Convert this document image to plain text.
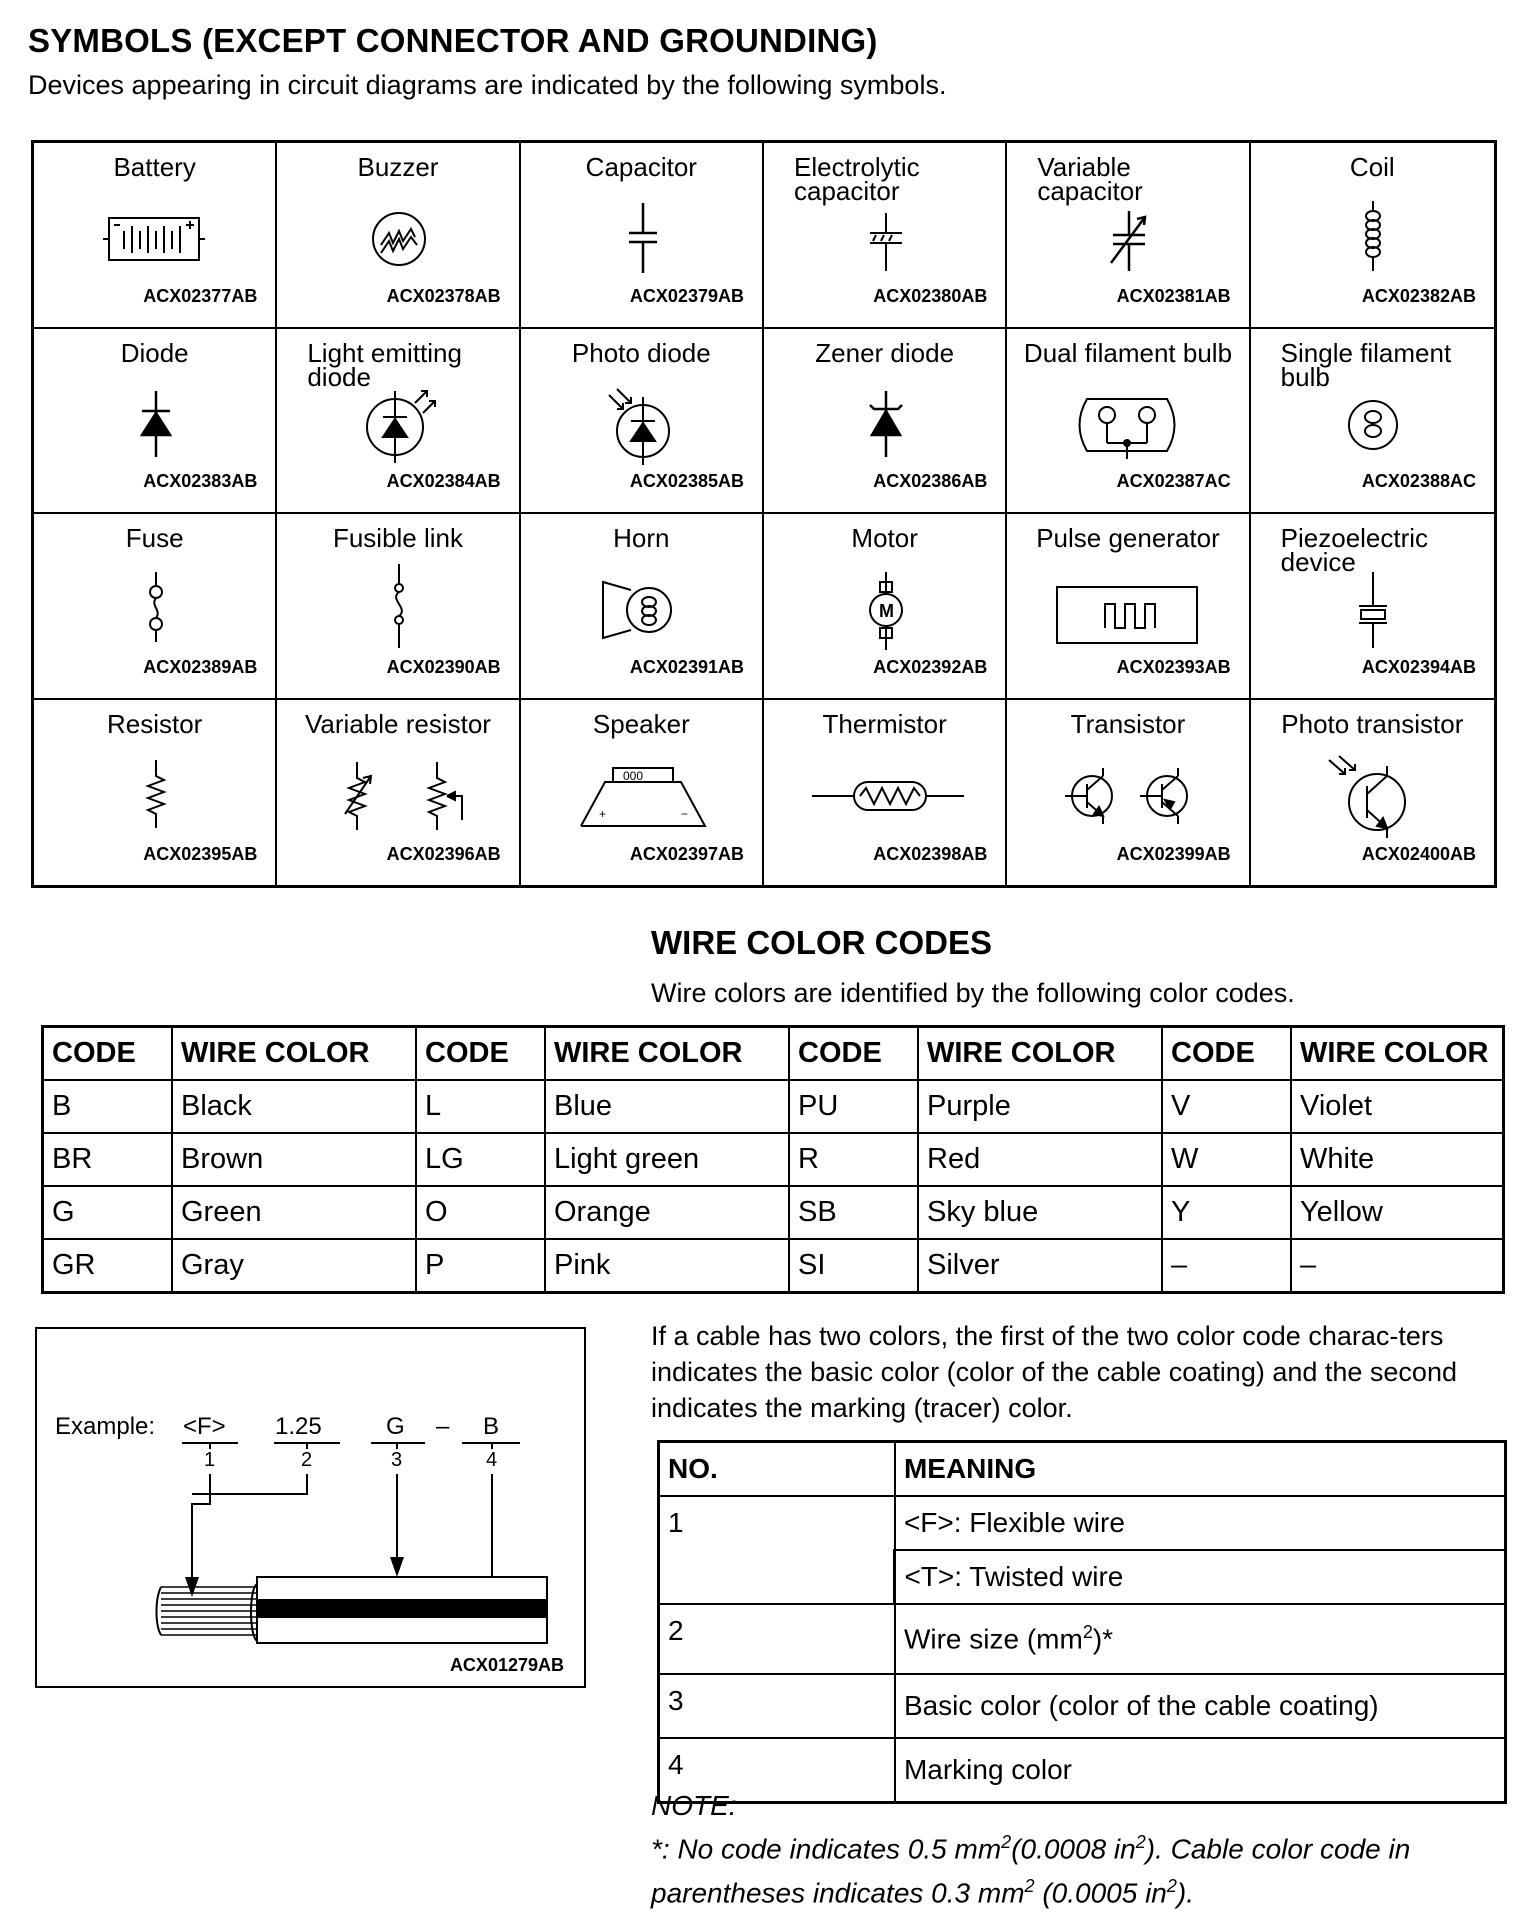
SYMBOLS (EXCEPT CONNECTOR AND GROUNDING)
Devices appearing in circuit diagrams are indicated by the following symbols.
Battery
ACX02377AB
Buzzer
ACX02378AB
Capacitor
ACX02379AB
Electrolytic
capacitor
ACX02380AB
Variable
capacitor
ACX02381AB
Coil
ACX02382AB
Diode
ACX02383AB
Light emitting
diode
ACX02384AB
Photo diode
ACX02385AB
Zener diode
ACX02386AB
Dual filament bulb
ACX02387AC
Single filament
bulb
ACX02388AC
Fuse
ACX02389AB
Fusible link
ACX02390AB
Horn
ACX02391AB
M
Motor
ACX02392AB
Pulse generator
ACX02393AB
Piezoelectric
device
ACX02394AB
Resistor
ACX02395AB
Variable resistor
ACX02396AB
000
+	−
Speaker
ACX02397AB
Thermistor
ACX02398AB
Transistor
ACX02399AB
Photo transistor
ACX02400AB
WIRE COLOR CODES
Wire colors are identified by the following color codes.
CODE	WIRE COLOR	CODE	WIRE COLOR	CODE	WIRE COLOR	CODE	WIRE COLOR
B	Black	L	Blue	PU	Purple	V	Violet
BR	Brown	LG	Light green	R	Red	W	White
G	Green	O	Orange	SB	Sky blue	Y	Yellow
GR	Gray	P	Pink	SI	Silver	–	–
Example: <F> 1.25	G – B
1	2	3	4
ACX01279AB
If a cable has two colors, the first of the two color code charac-ters indicates the basic color (color of the cable coating) and the second indicates the marking (tracer) color.
NO.	MEANING
1	<F>: Flexible wire
	<T>: Twisted wire
2	Wire size $(mm^2)*$
3	Basic color (color of the cable coating)
4	Marking color
NOTE:
*: No code indicates 0.5 $mm^2(0.0008$ $in^2$). Cable color code in
parentheses indicates 0.3 $mm^2$ (0.0005 $in^2$).
